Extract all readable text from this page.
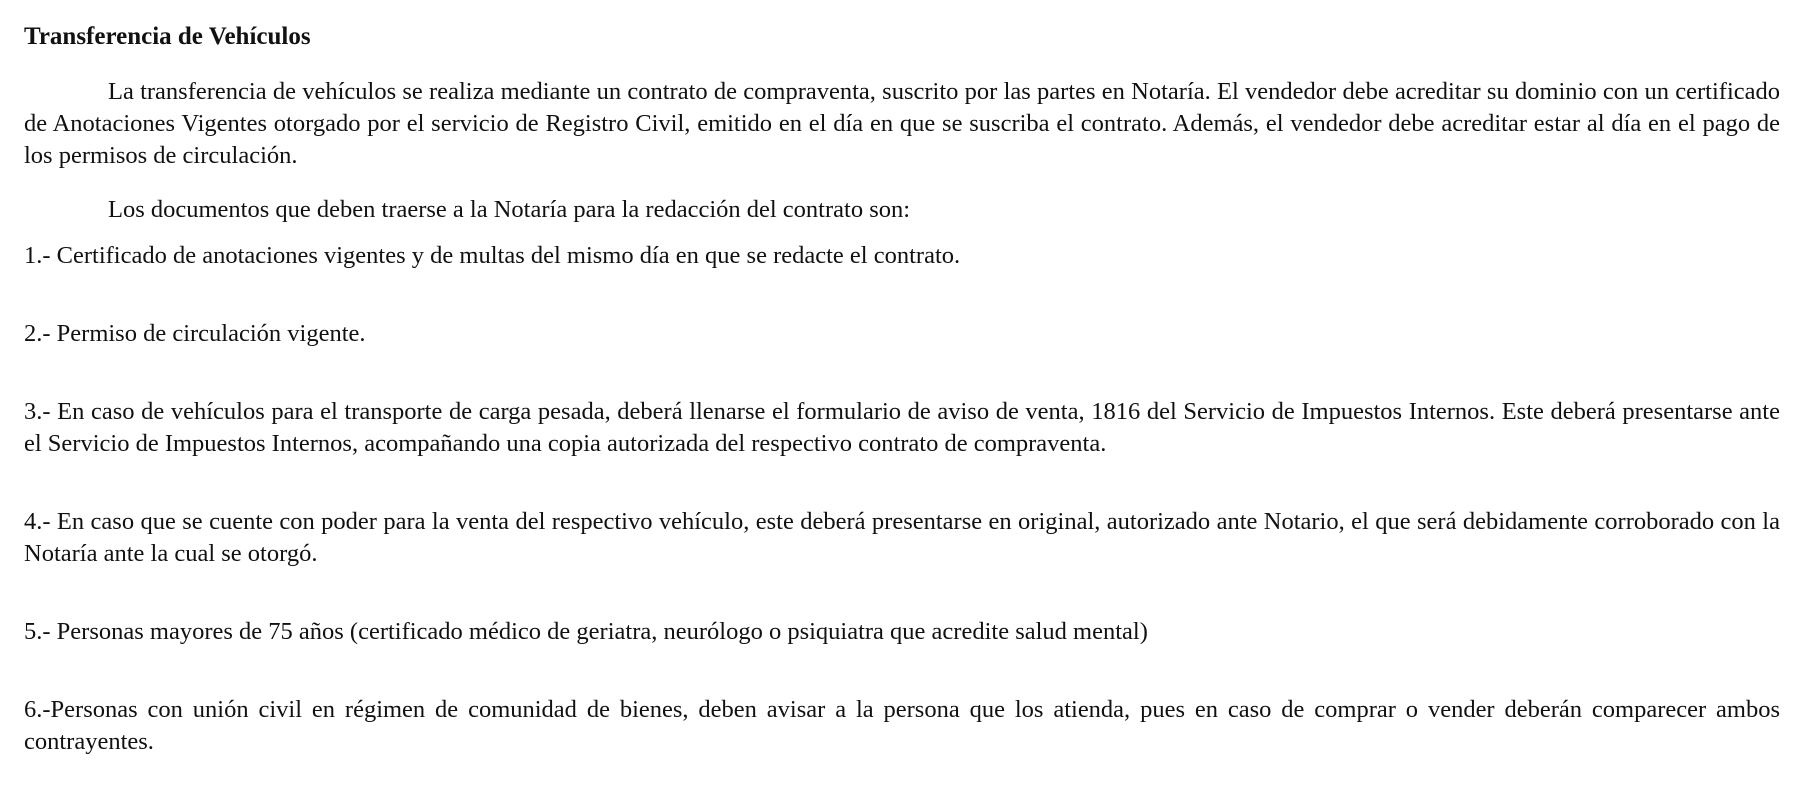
Transferencia de Vehículos

La transferencia de vehículos se realiza mediante un contrato de compraventa, suscrito por las partes en Notaría. El vendedor debe acreditar su dominio con un certificado de Anotaciones Vigentes otorgado por el servicio de Registro Civil, emitido en el día en que se suscriba el contrato. Además, el vendedor debe acreditar estar al día en el pago de los permisos de circulación.

Los documentos que deben traerse a la Notaría para la redacción del contrato son:

1.- Certificado de anotaciones vigentes y de multas del mismo día en que se redacte el contrato.
2.- Permiso de circulación vigente.
3.- En caso de vehículos para el transporte de carga pesada, deberá llenarse el formulario de aviso de venta, 1816 del Servicio de Impuestos Internos. Este deberá presentarse ante el Servicio de Impuestos Internos, acompañando una copia autorizada del respectivo contrato de compraventa.
4.- En caso que se cuente con poder para la venta del respectivo vehículo, este deberá presentarse en original, autorizado ante Notario, el que será debidamente corroborado con la Notaría ante la cual se otorgó.
5.- Personas mayores de 75 años (certificado médico de geriatra, neurólogo o psiquiatra que acredite salud mental)
6.-Personas con unión civil en régimen de comunidad de bienes, deben avisar a la persona que los atienda, pues en caso de comprar o vender deberán comparecer ambos contrayentes.
